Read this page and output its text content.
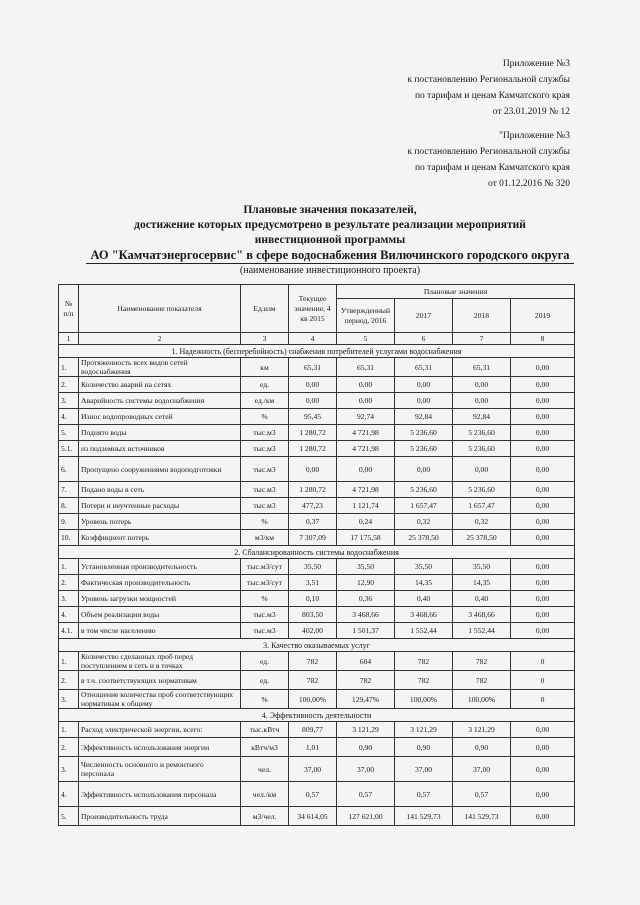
Приложение №3
к постановлению Региональной службы
по тарифам и ценам Камчатского края
от 23.01.2019 № 12
"Приложение №3
к постановлению Региональной службы
по тарифам и ценам Камчатского края
от 01.12.2016 № 320
Плановые значения показателей,
достижение которых предусмотрено в результате реализации мероприятий
инвестиционной программы
АО "Камчатэнергосервис" в сфере водоснабжения Вилючинского городского округа
(наименование инвестиционного проекта)
№ п/п	Наименование показателя	Ед.изм	Текущее значение, 4 кв 2015	Плановые значения			
				Утвержденный период, 2016	2017	2018	2019
1	2	3	4	5	6	7	8
1. Надежность (бесперебойность) снабжения потребителей услугами водоснабжения							
1.	Протяженность всех видов сетей водоснабжения	км	65,31	65,31	65,31	65,31	0,00
2.	Количество аварий на сетях	ед.	0,00	0,00	0,00	0,00	0,00
3.	Аварийность системы водоснабжения	ед./км	0,00	0,00	0,00	0,00	0,00
4.	Износ водопроводных сетей	%	95,45	92,74	92,84	92,84	0,00
5.	Поднято воды	тыс.м3	1 280,72	4 721,98	5 236,60	5 236,60	0,00
5.1.	из подземных источников	тыс.м3	1 280,72	4 721,98	5 236,60	5 236,60	0,00
6.	Пропущено сооружениями водоподготовки	тыс.м3	0,00	0,00	0,00	0,00	0,00
7.	Подано воды в сеть	тыс.м3	1 280,72	4 721,98	5 236,60	5 236,60	0,00
8.	Потери и неучтенные расходы	тыс.м3	477,23	1 121,74	1 657,47	1 657,47	0,00
9.	Уровень потерь	%	0,37	0,24	0,32	0,32	0,00
10.	Коэффициент потерь	м3/км	7 307,09	17 175,58	25 378,50	25 378,50	0,00
2. Сбалансированность системы водоснабжения							
1.	Установленная производительность	тыс.м3/сут	35,50	35,50	35,50	35,50	0,00
2.	Фактическая производительность	тыс.м3/сут	3,51	12,90	14,35	14,35	0,00
3.	Уровень загрузки мощностей	%	0,10	0,36	0,40	0,40	0,00
4.	Объем реализации воды	тыс.м3	803,50	3 468,66	3 468,66	3 468,66	0,00
4.1.	в том числе населению	тыс.м3	402,00	1 501,37	1 552,44	1 552,44	0,00
3. Качество оказываемых услуг							
1.	Количество сделанных проб перед поступлением в сеть и в точках	ед.	782	604	782	782	0
2.	в т.ч. соответствующих нормативам	ед.	782	782	782	782	0
3.	Отношение количества проб соответствующих нормативам к общему	%	100,00%	129,47%	100,00%	100,00%	0
4. Эффективность деятельности							
1.	Расход электрической энергии, всего:	тыс.кВтч	809,77	3 121,29	3 121,29	3 121,29	0,00
2.	Эффективность использования энергии	кВтч/м3	1,01	0,90	0,90	0,90	0,00
3.	Численность основного и ремонтного персонала	чел.	37,00	37,00	37,00	37,00	0,00
4.	Эффективность использования персонала	чел./км	0,57	0,57	0,57	0,57	0,00
5.	Производительность труда	м3/чел.	34 614,05	127 621,00	141 529,73	141 529,73	0,00
